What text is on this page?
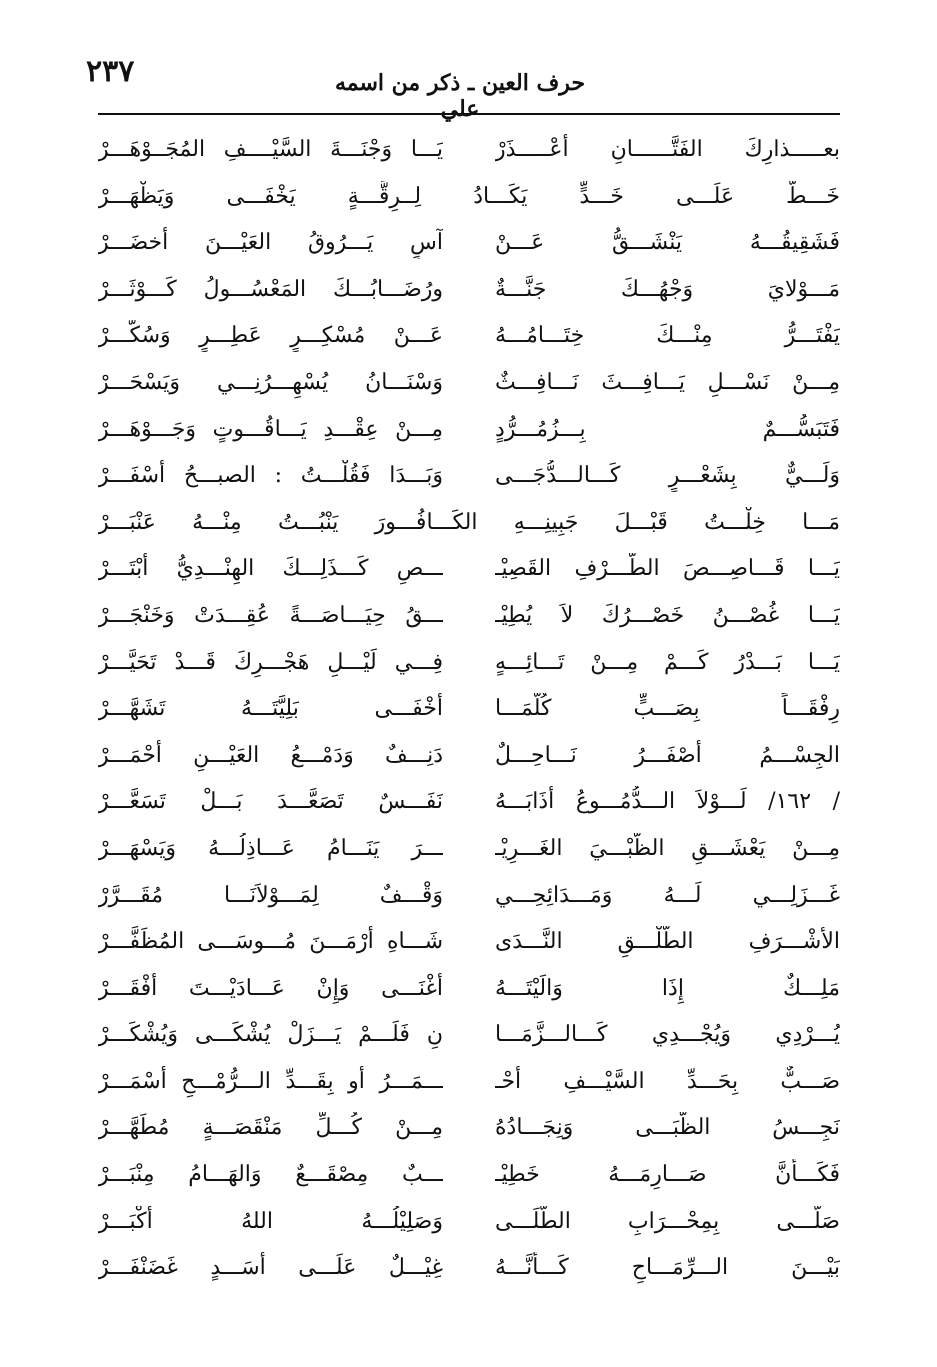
٢٣٧	حرف العين ـ ذكر من اسمه علي
بعـــــذارِكَ الفَتَّــــــانِ أُعْـــــذَرْ
يَـــا وَجْنَـــةَ السَّيْــــفِ المُجَــوْهَـــرْ
خَـــطٌّ عَلَـــى خَـــدٍّ يَكَـــادُ لِــرِقَّـــةٍ يَخْفَـــى وَيَظْهَـــرْ
فَشَقِيقُـــهُ يَنْشَـــقُّ عَـــنْ
آسٍ يَـــرُوقُ العَيْـــنَ أخضَـــرْ
مَـــوْلايَ وَجْهُـــكَ جَنَّـــةٌ
ورُضَـــابُـــكَ المَعْسُـــولُ كَـــوْثَـــرْ
يَفْتَـــرُّ مِنْـــكَ خِتَـــامُـــهُ
عَـــنْ مُسْكِـــرٍ عَطِـــرٍ وَسُكَّـــرْ
مِـــنْ نَسْـــلِ يَـــافِـــثَ نَـــافِـــثٌ
وَسْنَـــانُ يُسْهِـــرُنِـــي وَيَسْحَـــرْ
فَتَبَسُّـــمٌ بِـــزُمُـــرُّدٍ
مِـــنْ عِقْـــدِ يَـــاقُـــوتٍ وَجَـــوْهَـــرْ
وَلَـــيٌّ بِشَعْـــرٍ كَـــالـــدُّجَـــى
وَبَـــدَا فَقُلْـــتُ : الصبـــحُ أسْفَـــرْ
مَـــا خِلْـــتُ قَبْـــلَ جَبِينِـــهِ الكَـــافُـــورَ يَنْبُـــتُ مِنْـــهُ عَنْبَـــرْ
يَـــا قَـــاصِـــصَ الطَّـــرْفِ القَصِيْـ
ـــصِ كَـــذَلِـــكَ الهِنْـــدِيُّ أَبْتَـــرْ
يَـــا غُصْـــنُ خَصْـــرُكَ لاَ يُطِيْـ
ـــقُ حِيَـــاصَـــةً عُقِـــدَتْ وَخَنْجَـــرْ
يَـــا بَـــدْرُ كَـــمْ مِـــنْ تَـــائِـــهٍ
فِـــي لَيْـــلِ هَجْـــرِكَ قَـــدْ تَحَيَّـــرْ
رِفْقَـــاً بِصَـــبٍّ كُلَّمَـــا
أَخْفَـــى بَلِيَّتَـــهُ تَشَهَّـــرْ
الجِسْـــمُ أَصْفَـــرُ نَـــاحِـــلٌ
دَنِـــفٌ وَدَمْـــعُ العَيْـــنِ أَحْمَـــرْ
/ ١٦٢/ لَـــوْلاَ الـــدُّمُـــوعُ أَذَابَـــهُ
نَفَـــسٌ تَصَعَّـــدَ بَـــلْ تَسَعَّـــرْ
مِـــنْ يَعْشَـــقِ الظَّبْـــيَ الغَـــرِيْـ
ـــرَ يَنَـــامُ عَـــاذِلُـــهُ وَيَسْهَـــرْ
غَـــزَلِـــي لَـــهُ وَمَـــدَائِحِـــي
وَقْـــفٌ لِمَـــوْلاَنَـــا مُقَـــرَّرْ
الأَشْـــرَفِ الطَّلْـــقِ النَّـــدَى
شَـــاهِ أَرْمَـــنَ مُـــوسَـــى المُظَفَّـــرْ
مَلِـــكٌ إِذَا وَالَيْتَـــهُ
أَغْنَـــى وَإِنْ عَـــادَيْـــتَ أَفْقَـــرْ
يُـــرْدِي وَيُجْـــدِي كَـــالـــزَّمَـــا
نِ فَلَـــمْ يَـــزَلْ يُشْكَـــى وَيُشْكَـــرْ
صَـــبٌّ بِحَـــدِّ السَّيْـــفِ أَحْـ
ـــمَـــرُ أَو بِقَـــدِّ الـــرُّمْـــحِ أَسْمَـــرْ
نَجِـــسُ الظُّبَـــى وَنِجَـــادُهُ
مِـــنْ كُـــلِّ مَنْقَصَـــةٍ مُطَهَّـــرْ
فَكَـــأَنَّ صَـــارِمَـــهُ خَطِيْـ
ـــبٌ مِصْقَـــعٌ وَالهَـــامُ مِنْبَـــرْ
صَلَّـــى بِمِحْـــرَابِ الطُّلَـــى
وَصَلِيْلُـــهُ اللهُ أَكْبَـــرْ
بَيْـــنَ الـــرِّمَـــاحِ كَـــأَنَّـــهُ
غِيْـــلٌ عَلَـــى أَسَـــدٍ غَضَنْفَـــرْ
